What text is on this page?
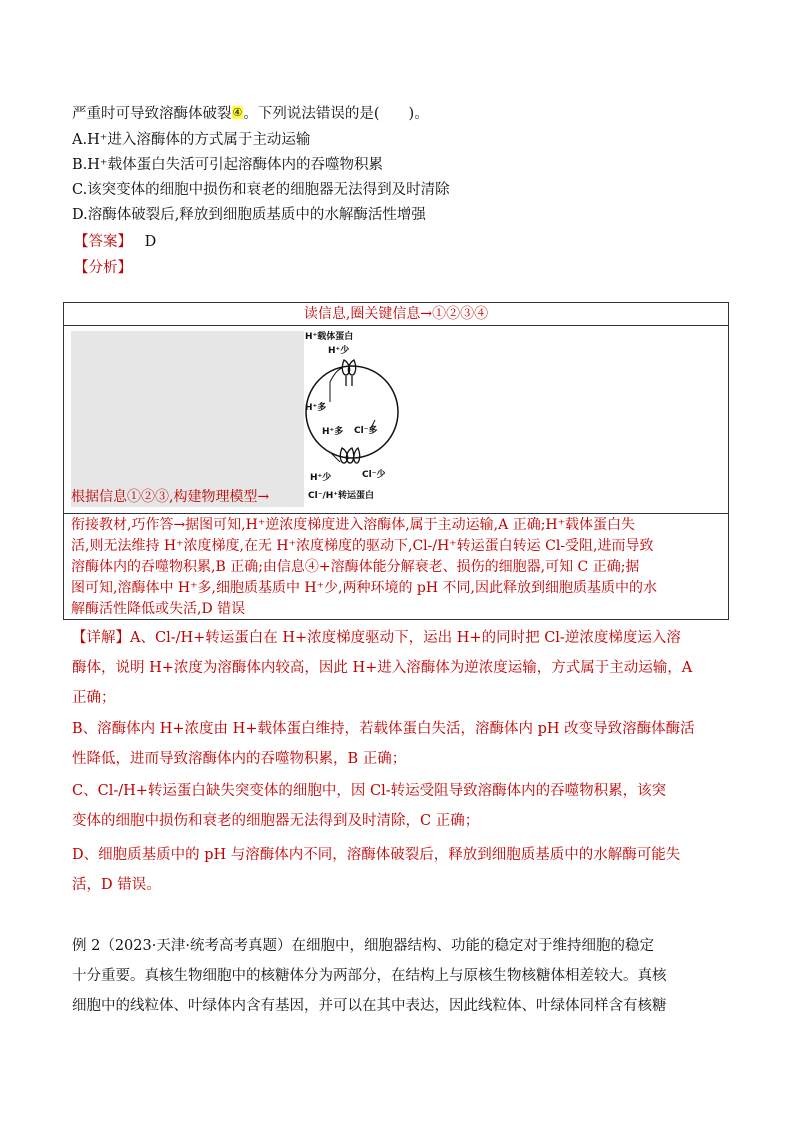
严重时可导致溶酶体破裂④。下列说法错误的是(　　)。
A.H⁺进入溶酶体的方式属于主动运输
B.H⁺载体蛋白失活可引起溶酶体内的吞噬物积累
C.该突变体的细胞中损伤和衰老的细胞器无法得到及时清除
D.溶酶体破裂后,释放到细胞质基质中的水解酶活性增强
【答案】 D
【分析】
读信息,圈关键信息→①②③④
根据信息①②③,构建物理模型→

衔接教材,巧作答→据图可知,H⁺逆浓度梯度进入溶酶体,属于主动运输,A 正确;H⁺载体蛋白失

活,则无法维持 H⁺浓度梯度,在无 H⁺浓度梯度的驱动下,Cl-/H⁺转运蛋白转运 Cl-受阻,进而导致

溶酶体内的吞噬物积累,B 正确;由信息④+溶酶体能分解衰老、损伤的细胞器,可知 C 正确;据

图可知,溶酶体中 H⁺多,细胞质基质中 H⁺少,两种环境的 pH 不同,因此释放到细胞质基质中的水

解酶活性降低或失活,D 错误

H⁺载体蛋白
H⁺少
H⁺多
H⁺多 Cl⁻多
H⁺少	Cl⁻少
Cl⁻/H⁺转运蛋白
【详解】A、Cl-/H+转运蛋白在 H+浓度梯度驱动下，运出 H+的同时把 Cl-逆浓度梯度运入溶
酶体，说明 H+浓度为溶酶体内较高，因此 H+进入溶酶体为逆浓度运输，方式属于主动运输，A
正确；
B、溶酶体内 H+浓度由 H+载体蛋白维持，若载体蛋白失活，溶酶体内 pH 改变导致溶酶体酶活
性降低，进而导致溶酶体内的吞噬物积累，B 正确；
C、Cl-/H+转运蛋白缺失突变体的细胞中，因 Cl-转运受阻导致溶酶体内的吞噬物积累，该突
变体的细胞中损伤和衰老的细胞器无法得到及时清除，C 正确；
D、细胞质基质中的 pH 与溶酶体内不同，溶酶体破裂后，释放到细胞质基质中的水解酶可能失
活，D 错误。
例 2（2023·天津·统考高考真题）在细胞中，细胞器结构、功能的稳定对于维持细胞的稳定
十分重要。真核生物细胞中的核糖体分为两部分，在结构上与原核生物核糖体相差较大。真核
细胞中的线粒体、叶绿体内含有基因，并可以在其中表达，因此线粒体、叶绿体同样含有核糖
